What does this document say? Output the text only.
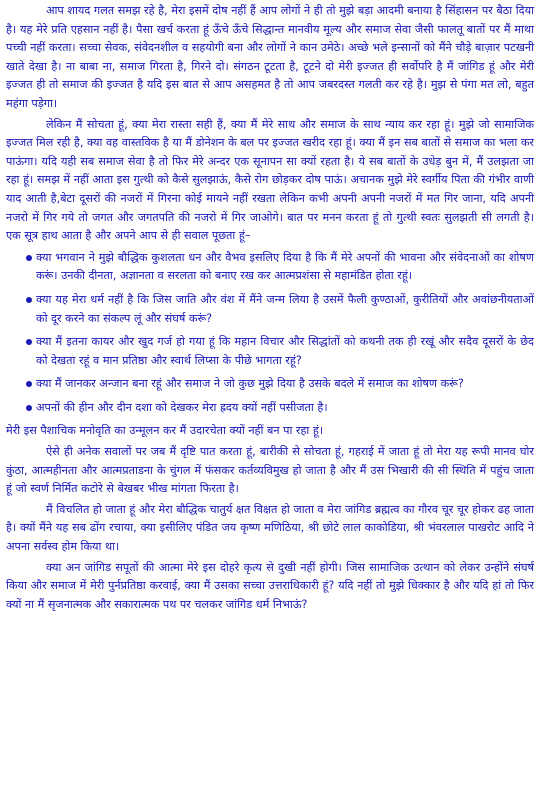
आप शायद गलत समझ रहे है, मेरा इसमें दोष नहीं हैं आप लोगों ने ही तो मुझे बड़ा आदमी बनाया है सिंहासन पर बैठा दिया है। यह मेरे प्रति एहसान नहीं है। पैसा खर्च करता हूं ऊँचे ऊँचे सिद्धान्त मानवीय मूल्य और समाज सेवा जैसी फालतू बातों पर मैं माथा पच्ची नहीं करता। सच्चा सेवक, संवेदनशील व सहयोगी बना और लोगों ने कान उमेठे। अच्छे भले इन्सानों को मैंने चौड़े बाज़ार पटखनी खाते देखा है। ना बाबा ना, समाज गिरता है, गिरने दो। संगठन टूटता है, टूटने दो मेरी इज्जत ही सर्वोपरि है मैं जांगिड हूं और मेरी इज्जत ही तो समाज की इज्जत है यदि इस बात से आप असहमत है तो आप जबरदस्त गलती कर रहे है। मुझ से पंगा मत लो, बहुत महंगा पड़ेगा।

लेकिन मैं सोचता हूं, क्या मेरा रास्ता सही हैं, क्या मैं मेरे साथ और समाज के साथ न्याय कर रहा हूं। मुझे जो सामाजिक इज्जत मिल रही है, क्या वह वास्तविक है या मैं डोनेशन के बल पर इज्जत खरीद रहा हूं। क्या मैं इन सब बातों से समाज का भला कर पाऊंगा। यदि यही सब समाज सेवा है तो फिर मेरे अन्दर एक सूनापन सा क्यों रहता है। ये सब बातों के उधेड़ बुन में, मैं उलझता जा रहा हूं। समझ में नहीं आता इस गुत्थी को कैसे सुलझाऊं, कैसे रोग छोड़कर दोष पाऊं। अचानक मुझे मेरे स्वर्गीय पिता की गंभीर वाणी याद आती है,बेटा दूसरों की नजरों में गिरना कोई मायने नहीं रखता लेकिन कभी अपनी अपनी नजरों में मत गिर जाना, यदि अपनी नजरो में गिर गये तो जगत और जगतपति की नजरो में गिर जाओगे। बात पर मनन करता हूं तो गुत्थी स्वतः सुलझती सी लगती है। एक सूत्र हाथ आता है और अपने आप से ही सवाल पूछता हूं–

क्या भगवान ने मुझे बौद्धिक कुशलता धन और वैभव इसलिए दिया है कि मैं मेरे अपनों की भावना और संवेदनाओं का शोषण करूं। उनकी दीनता, अज्ञानता व सरलता को बनाए रख कर आत्मप्रशंसा से महामंडित होता रहूं।
क्या यह मेरा धर्म नहीं है कि जिस जाति और वंश में मैंने जन्म लिया है उसमें फैली कुण्ठाओं, कुरीतियों और अवांछनीयताओं को दूर करने का संकल्प लूं और संघर्ष करूं?
क्या मैं इतना कायर और खुद गर्ज हो गया हूं कि महान विचार और सिद्धांतों को कथनी तक ही रखूं और सदैव दूसरों के छेद को देखता रहूं व मान प्रतिष्ठा और स्वार्थ लिप्सा के पीछे भागता रहूं?
क्या मैं जानकर अन्जान बना रहूं और समाज ने जो कुछ मुझे दिया है उसके बदले में समाज का शोषण करूं?
अपनों की हीन और दीन दशा को देखकर मेरा ह्रदय क्यों नहीं पसीजता है।

मेरी इस पैशाचिक मनोवृति का उन्मूलन कर मैं उदारचेता क्यों नहीं बन पा रहा हूं।

ऐसे ही अनेक सवालों पर जब मैं दृष्टि पात करता हूं, बारीकी से सोचता हूं, गहराई में जाता हूं तो मेरा यह रूपी मानव घोर कुंठा, आत्महीनता और आत्मप्रताडना के चुंगल में फंसकर कर्तव्यविमुख हो जाता है और मैं उस भिखारी की सी स्थिति में पहुंच जाता हूं जो स्वर्ण निर्मित कटोरे से बेखबर भीख मांगता फिरता है।

मैं विचलित हो जाता हूं और मेरा बौद्धिक चातुर्य क्षत विक्षत हो जाता व मेरा जांगिड ब्रह्मत्व का गौरव चूर चूर होकर ढह जाता है। क्यों मैंने यह सब ढोंग रचाया, क्या इसीलिए पंडित जय कृष्ण मणिठिया, श्री छोटे लाल काकोडिया, श्री भंवरलाल पाखरोट आदि ने अपना सर्वस्व होम किया था।

क्या अन जांगिड सपूतों की आत्मा मेरे इस दोहरे कृत्य से दुखी नहीं होगी। जिस सामाजिक उत्थान को लेकर उन्होंने संघर्ष किया और समाज में मेरी पुर्नप्रतिष्ठा करवाई, क्या मैं उसका सच्चा उत्तराधिकारी हूं? यदि नहीं तो मुझे धिक्कार है और यदि हां तो फिर क्यों ना मैं सृजनात्मक और सकारात्मक पथ पर चलकर जांगिड धर्म निभाऊं?
